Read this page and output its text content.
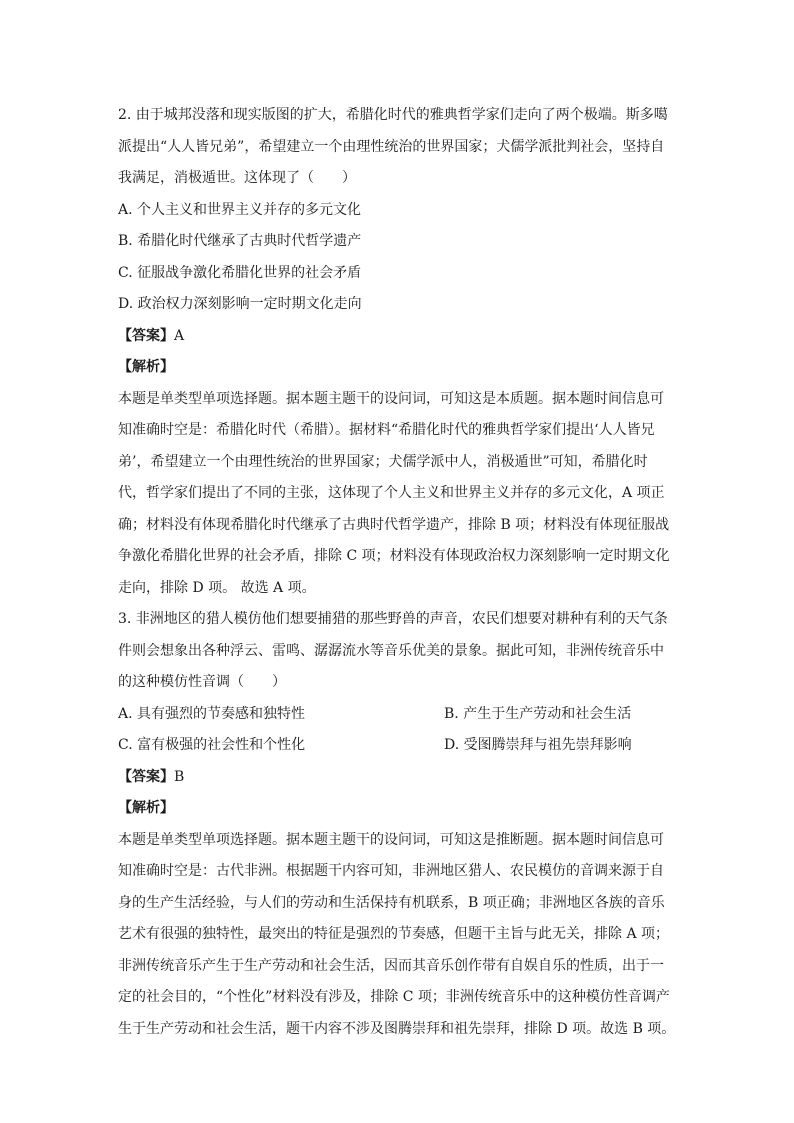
2. 由于城邦没落和现实版图的扩大，希腊化时代的雅典哲学家们走向了两个极端。斯多噶
派提出“人人皆兄弟”，希望建立一个由理性统治的世界国家；犬儒学派批判社会，坚持自
我满足，消极遁世。这体现了（　　）
A. 个人主义和世界主义并存的多元文化
B. 希腊化时代继承了古典时代哲学遗产
C. 征服战争激化希腊化世界的社会矛盾
D. 政治权力深刻影响一定时期文化走向
【答案】A
【解析】
本题是单类型单项选择题。据本题主题干的设问词，可知这是本质题。据本题时间信息可
知准确时空是：希腊化时代（希腊）。据材料“希腊化时代的雅典哲学家们提出‘人人皆兄
弟’，希望建立一个由理性统治的世界国家；犬儒学派中人，消极遁世”可知，希腊化时
代，哲学家们提出了不同的主张，这体现了个人主义和世界主义并存的多元文化，A 项正
确；材料没有体现希腊化时代继承了古典时代哲学遗产，排除 B 项；材料没有体现征服战
争激化希腊化世界的社会矛盾，排除 C 项；材料没有体现政治权力深刻影响一定时期文化
走向，排除 D 项。 故选 A 项。
3. 非洲地区的猎人模仿他们想要捕猎的那些野兽的声音，农民们想要对耕种有利的天气条
件则会想象出各种浮云、雷鸣、潺潺流水等音乐优美的景象。据此可知，非洲传统音乐中
的这种模仿性音调（　　）
A. 具有强烈的节奏感和独特性	B. 产生于生产劳动和社会生活
C. 富有极强的社会性和个性化	D. 受图腾崇拜与祖先崇拜影响
【答案】B
【解析】
本题是单类型单项选择题。据本题主题干的设问词，可知这是推断题。据本题时间信息可
知准确时空是：古代非洲。根据题干内容可知，非洲地区猎人、农民模仿的音调来源于自
身的生产生活经验，与人们的劳动和生活保持有机联系，B 项正确；非洲地区各族的音乐
艺术有很强的独特性，最突出的特征是强烈的节奏感，但题干主旨与此无关，排除 A 项；
非洲传统音乐产生于生产劳动和社会生活，因而其音乐创作带有自娱自乐的性质，出于一
定的社会目的，“个性化”材料没有涉及，排除 C 项；非洲传统音乐中的这种模仿性音调产
生于生产劳动和社会生活，题干内容不涉及图腾崇拜和祖先崇拜，排除 D 项。故选 B 项。
